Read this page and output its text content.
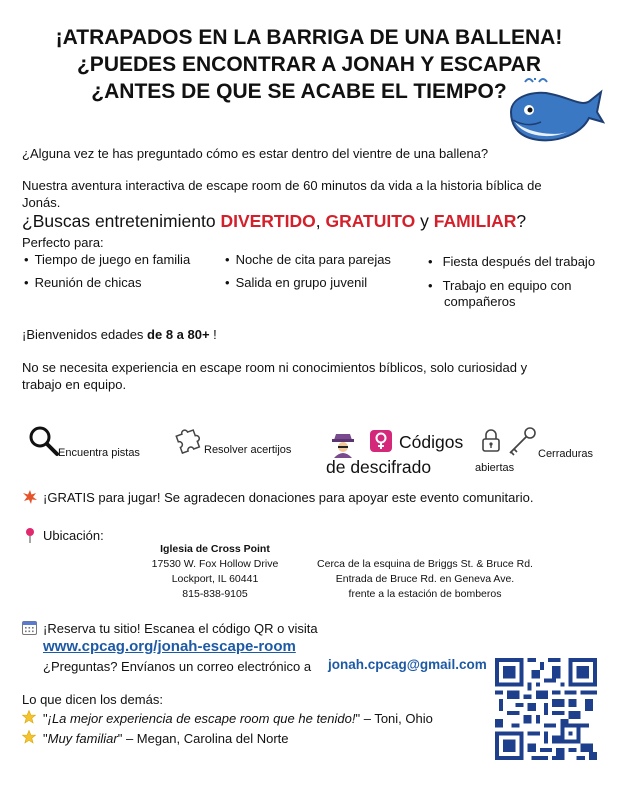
¡ATRAPADOS EN LA BARRIGA DE UNA BALLENA!
¿PUEDES ENCONTRAR A JONAH Y ESCAPAR
¿ANTES DE QUE SE ACABE EL TIEMPO?
¿Alguna vez te has preguntado cómo es estar dentro del vientre de una ballena?
Nuestra aventura interactiva de escape room de 60 minutos da vida a la historia bíblica de
Jonás.
¿Buscas entretenimiento DIVERTIDO, GRATUITO y FAMILIAR?
Perfecto para:
• Tiempo de juego en familia
• Reunión de chicas
• Noche de cita para parejas
• Salida en grupo juvenil
• Fiesta después del trabajo
• Trabajo en equipo con
compañeros
¡Bienvenidos edades de 8 a 80+ !
No se necesita experiencia en escape room ni conocimientos bíblicos, solo curiosidad y
trabajo en equipo.
Encuentra pistas	Resolver acertijos	Códigos
de descifrado	abiertas
Cerraduras
¡GRATIS para jugar! Se agradecen donaciones para apoyar este evento comunitario.
Ubicación:
Iglesia de Cross Point
17530 W. Fox Hollow Drive
Lockport, IL 60441
815-838-9105
Cerca de la esquina de Briggs St. & Bruce Rd.
Entrada de Bruce Rd. en Geneva Ave.
frente a la estación de bomberos
¡Reserva tu sitio! Escanea el código QR o visita
www.cpcag.org/jonah-escape-room
¿Preguntas? Envíanos un correo electrónico a jonah.cpcag@gmail.com
Lo que dicen los demás:
"¡La mejor experiencia de escape room que he tenido!" – Toni, Ohio
"Muy familiar" – Megan, Carolina del Norte
